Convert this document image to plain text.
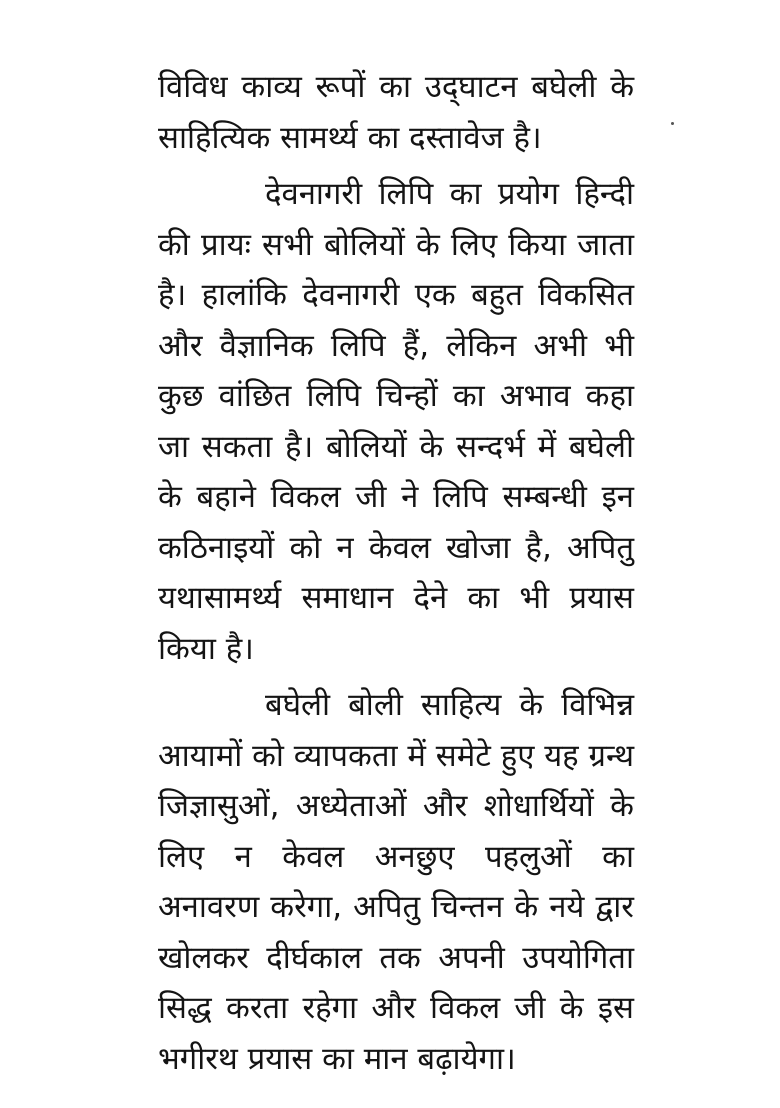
विविध काव्य रूपों का उद्‌घाटन बघेली के
साहित्यिक सामर्थ्य का दस्तावेज है।

देवनागरी लिपि का प्रयोग हिन्दी
की प्रायः सभी बोलियों के लिए किया जाता
है। हालांकि देवनागरी एक बहुत विकसित
और वैज्ञानिक लिपि हैं, लेकिन अभी भी
कुछ वांछित लिपि चिन्हों का अभाव कहा
जा सकता है। बोलियों के सन्दर्भ में बघेली
के बहाने विकल जी ने लिपि सम्बन्धी इन
कठिनाइयों को न केवल खोजा है, अपितु
यथासामर्थ्य समाधान देने का भी प्रयास
किया है।

बघेली बोली साहित्य के विभिन्न
आयामों को व्यापकता में समेटे हुए यह ग्रन्थ
जिज्ञासुओं, अध्येताओं और शोधार्थियों के
लिए न केवल अनछुए पहलुओं का
अनावरण करेगा, अपितु चिन्तन के नये द्वार
खोलकर दीर्घकाल तक अपनी उपयोगिता
सिद्ध करता रहेगा और विकल जी के इस
भगीरथ प्रयास का मान बढ़ायेगा।
